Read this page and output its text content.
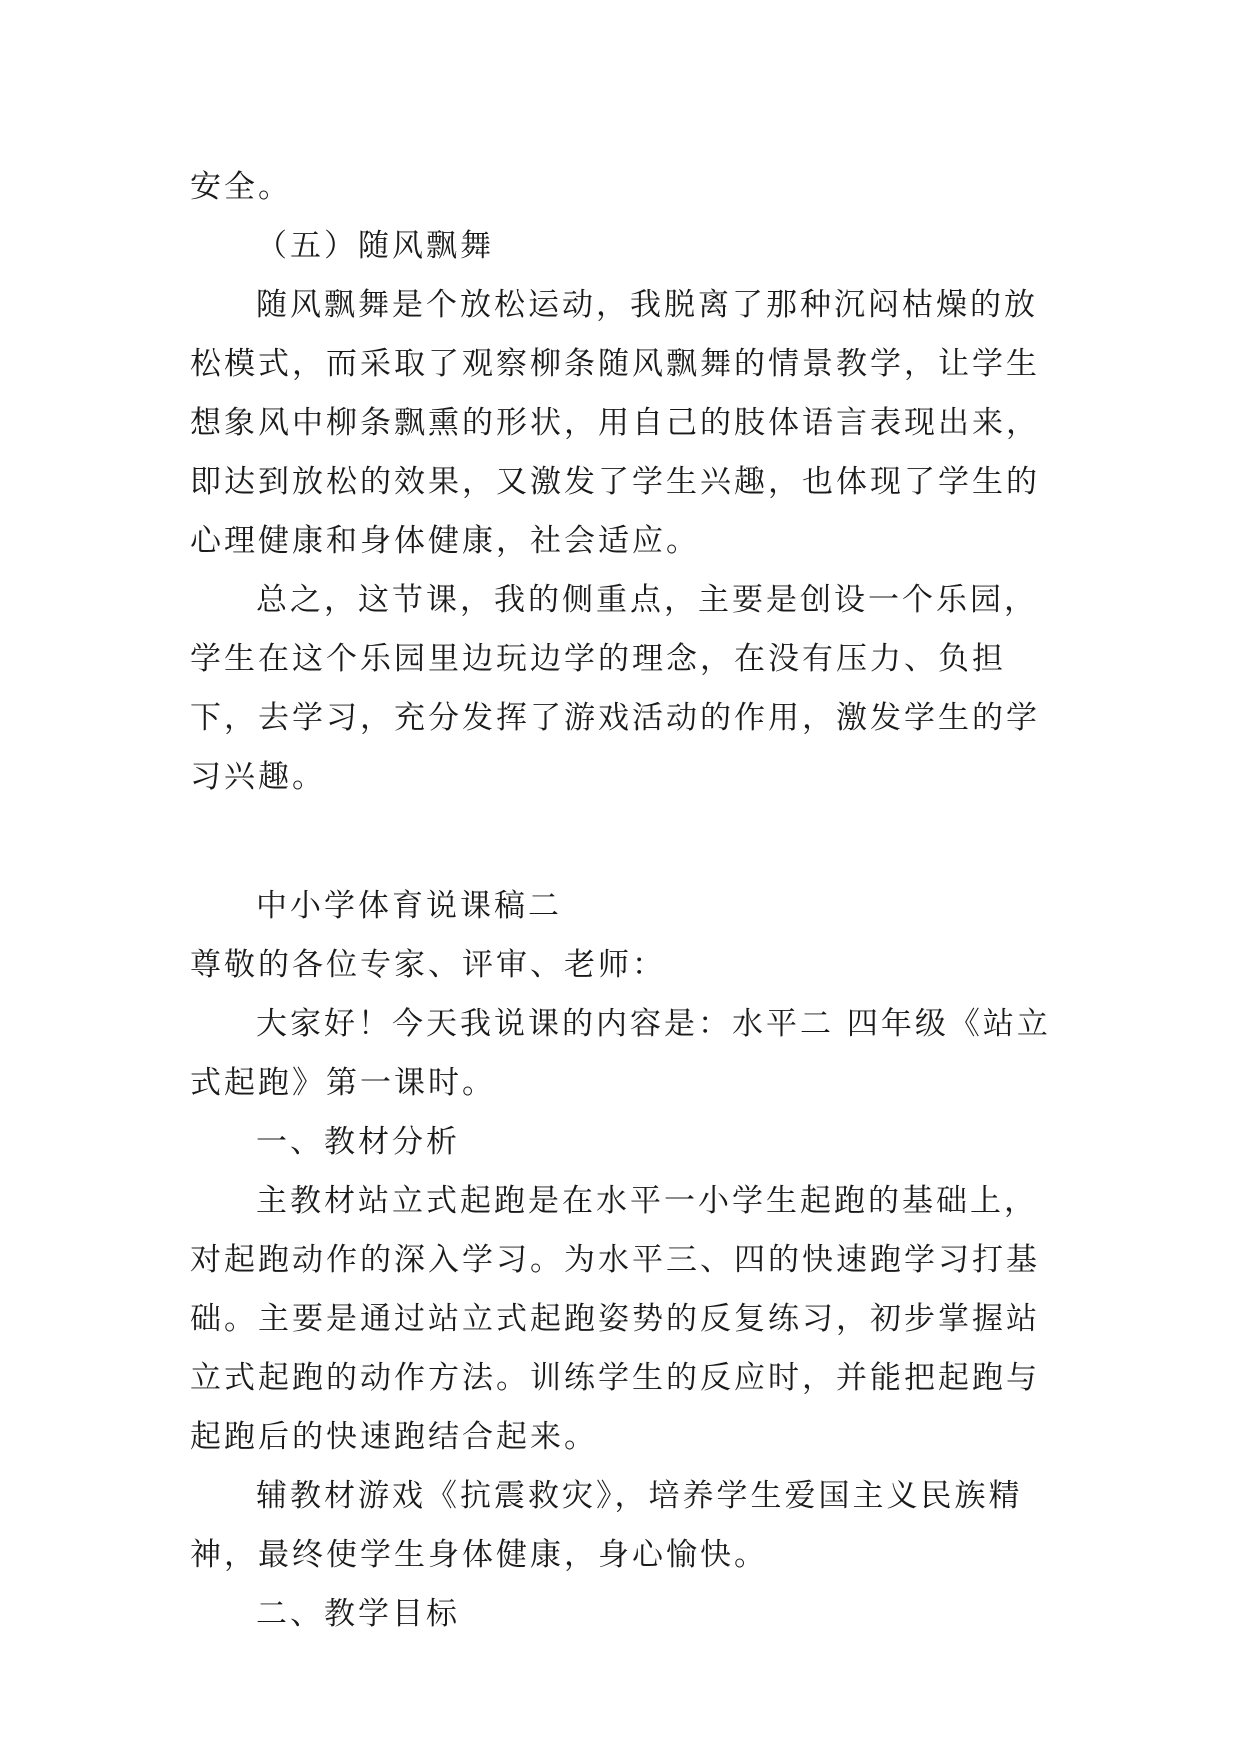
安全。

（五）随风飘舞

随风飘舞是个放松运动，我脱离了那种沉闷枯燥的放松模式，而采取了观察柳条随风飘舞的情景教学，让学生想象风中柳条飘熏的形状，用自己的肢体语言表现出来，即达到放松的效果，又激发了学生兴趣，也体现了学生的心理健康和身体健康，社会适应。

总之，这节课，我的侧重点，主要是创设一个乐园，学生在这个乐园里边玩边学的理念，在没有压力、负担下，去学习，充分发挥了游戏活动的作用，激发学生的学习兴趣。

中小学体育说课稿二

尊敬的各位专家、评审、老师：

大家好！今天我说课的内容是：水平二 四年级《站立式起跑》第一课时。

一、教材分析

主教材站立式起跑是在水平一小学生起跑的基础上，对起跑动作的深入学习。为水平三、四的快速跑学习打基础。主要是通过站立式起跑姿势的反复练习，初步掌握站立式起跑的动作方法。训练学生的反应时，并能把起跑与起跑后的快速跑结合起来。

辅教材游戏《抗震救灾》，培养学生爱国主义民族精神，最终使学生身体健康，身心愉快。

二、教学目标
